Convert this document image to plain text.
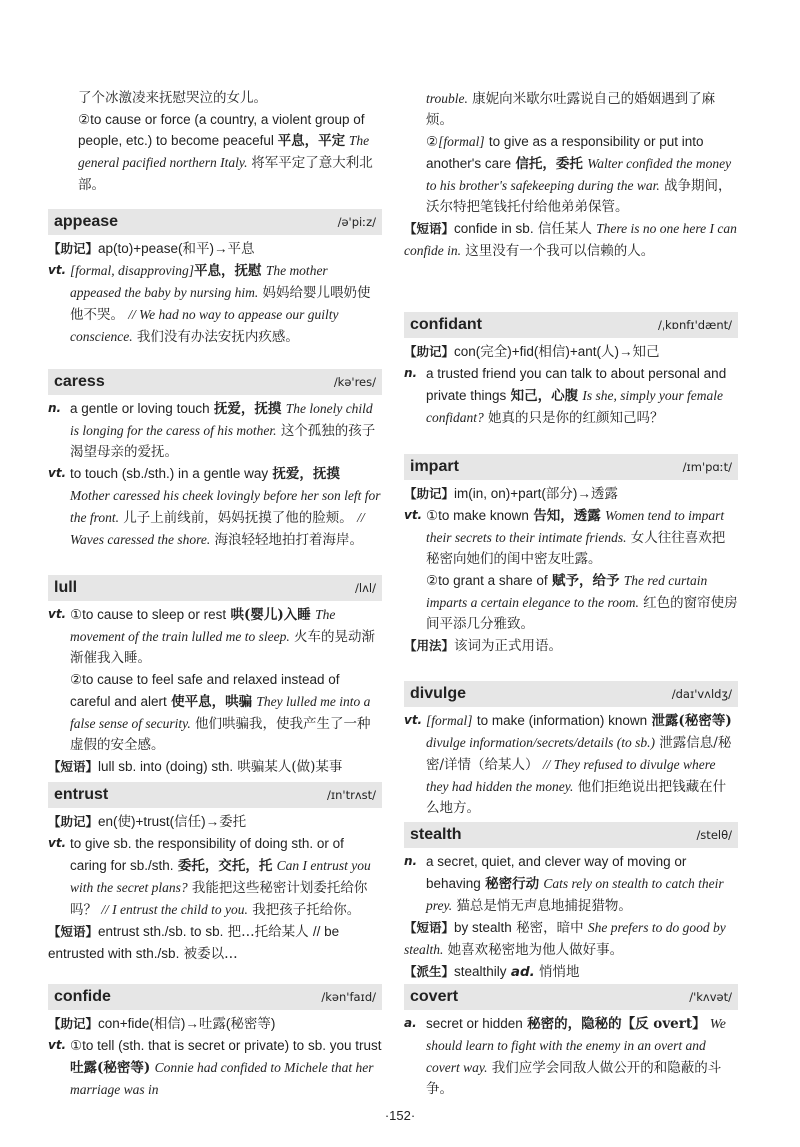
了个冰激凌来抚慰哭泣的女儿。
②to cause or force (a country, a violent group of people, etc.) to become peaceful 平息，平定 The general pacified northern Italy. 将军平定了意大利北部。
appease	/ə'piːz/
【助记】ap(to)+pease(和平)→平息
vt. [formal, disapproving]平息，抚慰 The mother appeased the baby by nursing him. 妈妈给婴儿喂奶使他不哭。 // We had no way to appease our guilty conscience. 我们没有办法安抚内疚感。
caress	/kə'res/
n. a gentle or loving touch 抚爱，抚摸 The lonely child is longing for the caress of his mother. 这个孤独的孩子渴望母亲的爱抚。
vt. to touch (sb./sth.) in a gentle way 抚爱，抚摸 Mother caressed his cheek lovingly before her son left for the front. 儿子上前线前，妈妈抚摸了他的脸颊。 // Waves caressed the shore. 海浪轻轻地拍打着海岸。
lull	/lʌl/
vt. ①to cause to sleep or rest 哄(婴儿)入睡 The movement of the train lulled me to sleep. 火车的晃动渐渐催我入睡。
②to cause to feel safe and relaxed instead of careful and alert 使平息，哄骗 They lulled me into a false sense of security. 他们哄骗我，使我产生了一种虚假的安全感。
【短语】lull sb. into (doing) sth. 哄骗某人(做)某事
entrust	/ɪn'trʌst/
【助记】en(使)+trust(信任)→委托
vt. to give sb. the responsibility of doing sth. or of caring for sb./sth. 委托，交托，托 Can I entrust you with the secret plans? 我能把这些秘密计划委托给你吗？ // I entrust the child to you. 我把孩子托给你。
【短语】entrust sth./sb. to sb. 把…托给某人 // be entrusted with sth./sb. 被委以…
confide	/kən'faɪd/
【助记】con+fide(相信)→吐露(秘密等)
vt. ①to tell (sth. that is secret or private) to sb. you trust 吐露(秘密等) Connie had confided to Michele that her marriage was in
trouble. 康妮向米歇尔吐露说自己的婚姻遇到了麻烦。
②[formal] to give as a responsibility or put into another's care 信托，委托 Walter confided the money to his brother's safekeeping during the war. 战争期间，沃尔特把笔钱托付给他弟弟保管。
【短语】confide in sb. 信任某人 There is no one here I can confide in. 这里没有一个我可以信赖的人。
confidant	/ˌkɒnfɪ'dænt/
【助记】con(完全)+fid(相信)+ant(人)→知己
n. a trusted friend you can talk to about personal and private things 知己，心腹 Is she, simply your female confidant? 她真的只是你的红颜知己吗？
impart	/ɪm'pɑːt/
【助记】im(in, on)+part(部分)→透露
vt. ①to make known 告知，透露 Women tend to impart their secrets to their intimate friends. 女人往往喜欢把秘密向她们的闺中密友吐露。
②to grant a share of 赋予，给予 The red curtain imparts a certain elegance to the room. 红色的窗帘使房间平添几分雅致。
【用法】该词为正式用语。
divulge	/daɪ'vʌldʒ/
vt. [formal] to make (information) known 泄露(秘密等) divulge information/secrets/details (to sb.) 泄露信息/秘密/详情（给某人） // They refused to divulge where they had hidden the money. 他们拒绝说出把钱藏在什么地方。
stealth	/stelθ/
n. a secret, quiet, and clever way of moving or behaving 秘密行动 Cats rely on stealth to catch their prey. 猫总是悄无声息地捕捉猎物。
【短语】by stealth 秘密，暗中 She prefers to do good by stealth. 她喜欢秘密地为他人做好事。
【派生】stealthily ad. 悄悄地
covert	/'kʌvət/
a. secret or hidden 秘密的，隐秘的【反 overt】 We should learn to fight with the enemy in an overt and covert way. 我们应学会同敌人做公开的和隐蔽的斗争。
·152·
